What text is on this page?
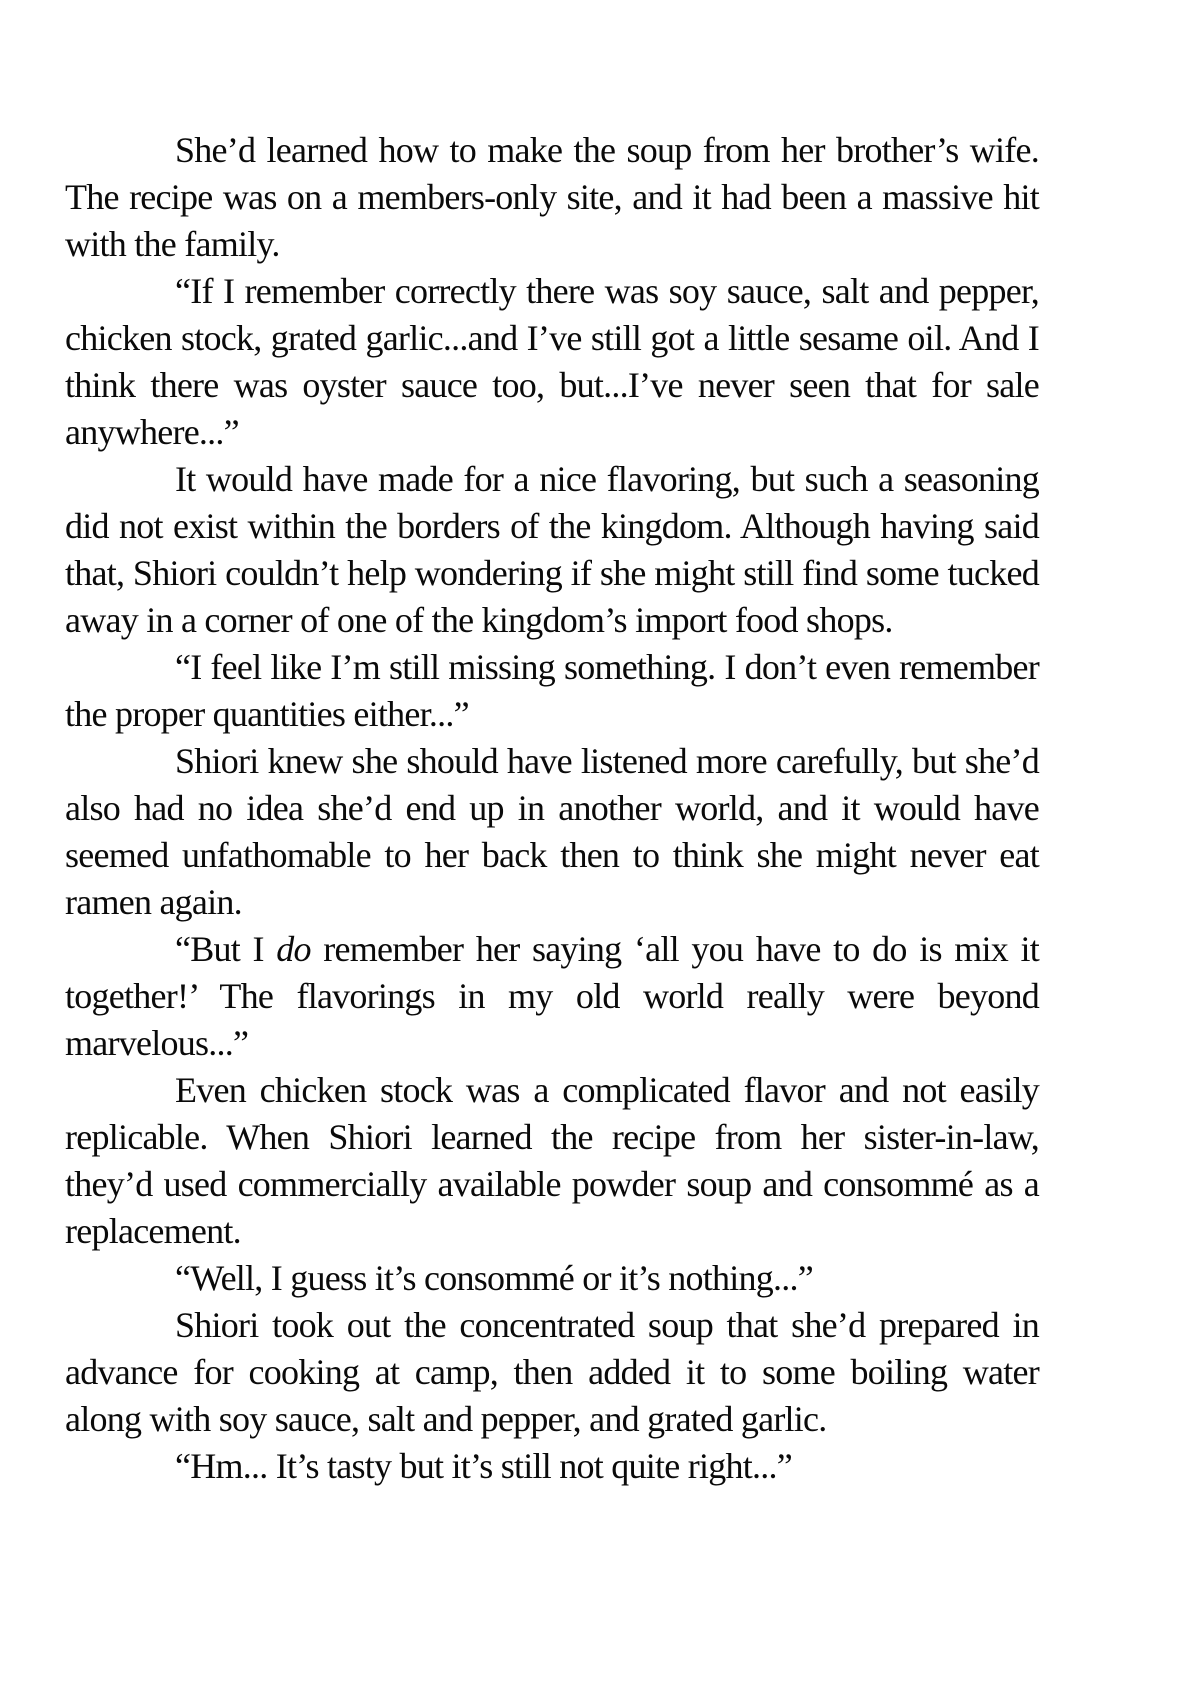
She’d learned how to make the soup from her brother’s wife. The recipe was on a members-only site, and it had been a massive hit with the family.

“If I remember correctly there was soy sauce, salt and pepper, chicken stock, grated garlic...and I’ve still got a little sesame oil. And I think there was oyster sauce too, but...I’ve never seen that for sale anywhere...”

It would have made for a nice flavoring, but such a seasoning did not exist within the borders of the kingdom. Although having said that, Shiori couldn’t help wondering if she might still find some tucked away in a corner of one of the kingdom’s import food shops.

“I feel like I’m still missing something. I don’t even remember the proper quantities either...”

Shiori knew she should have listened more carefully, but she’d also had no idea she’d end up in another world, and it would have seemed unfathomable to her back then to think she might never eat ramen again.

“But I do remember her saying ‘all you have to do is mix it together!’ The flavorings in my old world really were beyond marvelous...”

Even chicken stock was a complicated flavor and not easily replicable. When Shiori learned the recipe from her sister-in-law, they’d used commercially available powder soup and consommé as a replacement.

“Well, I guess it’s consommé or it’s nothing...”

Shiori took out the concentrated soup that she’d prepared in advance for cooking at camp, then added it to some boiling water along with soy sauce, salt and pepper, and grated garlic.

“Hm... It’s tasty but it’s still not quite right...”
